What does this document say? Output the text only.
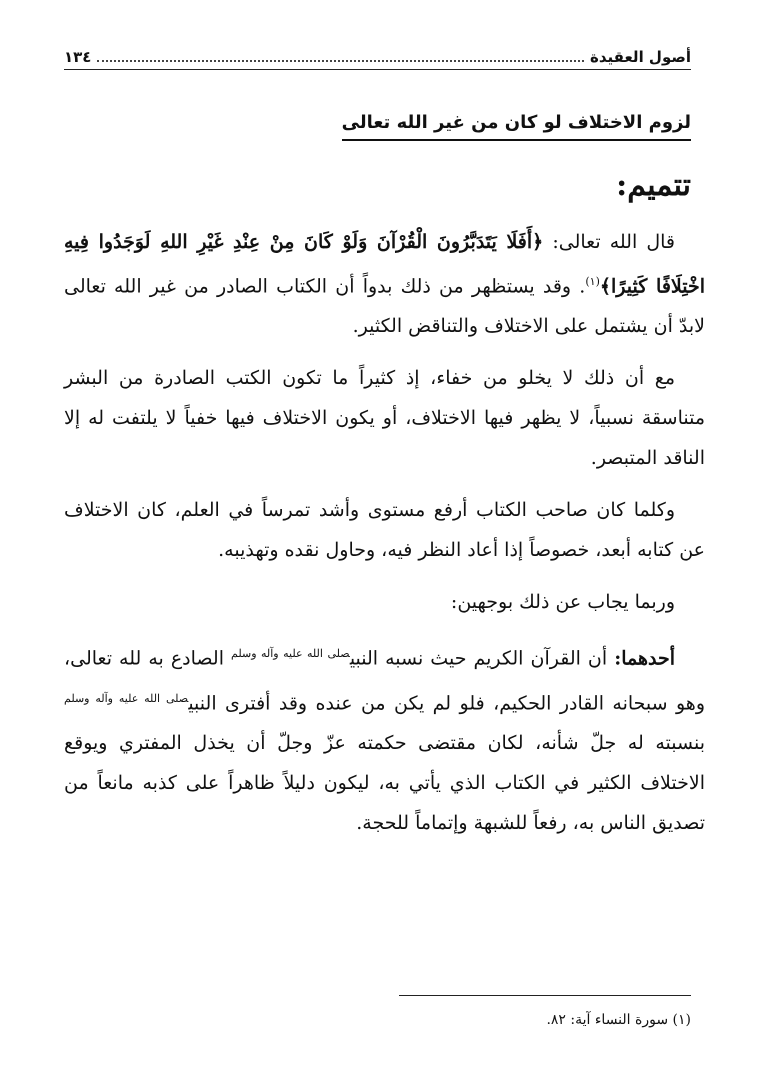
أصول العقيدة
١٣٤
لزوم الاختلاف لو كان من غير الله تعالى
تتميم:

قال الله تعالى: ﴿أَفَلَا يَتَدَبَّرُونَ الْقُرْآنَ وَلَوْ كَانَ مِنْ عِنْدِ غَيْرِ اللهِ لَوَجَدُوا فِيهِ اخْتِلَافًا كَثِيرًا﴾$^{(١)}$. وقد يستظهر من ذلك بدواً أن الكتاب الصادر من غير الله تعالى لابدّ أن يشتمل على الاختلاف والتناقض الكثير.

مع أن ذلك لا يخلو من خفاء، إذ كثيراً ما تكون الكتب الصادرة من البشر متناسقة نسبياً، لا يظهر فيها الاختلاف، أو يكون الاختلاف فيها خفياً لا يلتفت له إلا الناقد المتبصر.

وكلما كان صاحب الكتاب أرفع مستوى وأشد تمرساً في العلم، كان الاختلاف عن كتابه أبعد، خصوصاً إذا أعاد النظر فيه، وحاول نقده وتهذيبه.

وربما يجاب عن ذلك بوجهين:

أحدهما: أن القرآن الكريم حيث نسبه النبي$^{صلى الله عليه وآله وسلم}$ الصادع به لله تعالى، وهو سبحانه القادر الحكيم، فلو لم يكن من عنده وقد أفترى النبي$^{صلى الله عليه وآله وسلم}$ بنسبته له جلّ شأنه، لكان مقتضى حكمته عزّ وجلّ أن يخذل المفتري ويوقع الاختلاف الكثير في الكتاب الذي يأتي به، ليكون دليلاً ظاهراً على كذبه مانعاً من تصديق الناس به، رفعاً للشبهة وإتماماً للحجة.

(١) سورة النساء آية: ٨٢.
